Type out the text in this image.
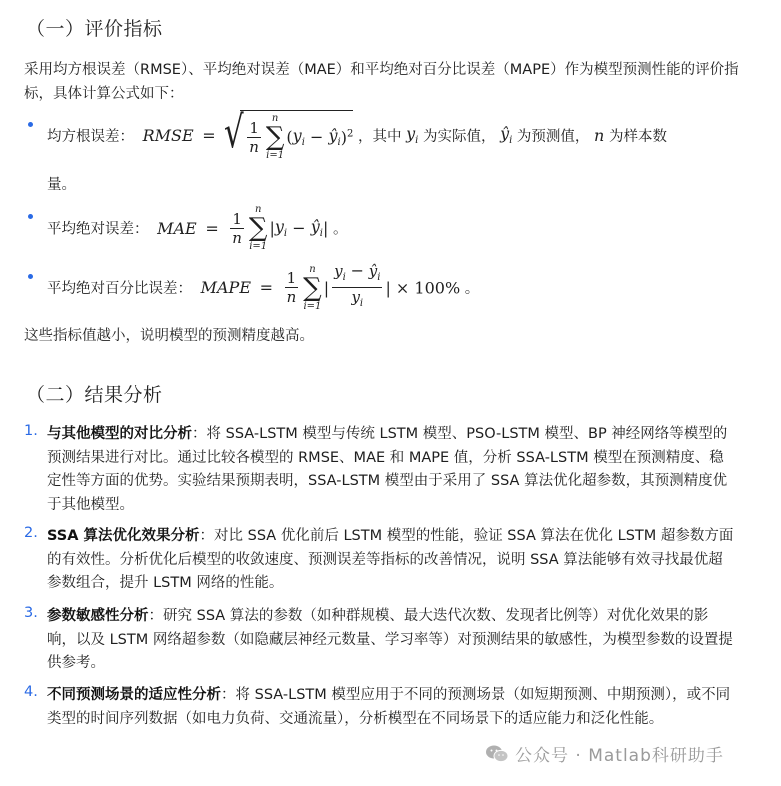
（一）评价指标
采用均方根误差（RMSE）、平均绝对误差（MAE）和平均绝对百分比误差（MAPE）作为模型预测性能的评价指标，具体计算公式如下：
均方根误差： RMSE = √ $\frac{1}{n}$	n
∑
i=1
($y_i$ − $ŷ_i)^2$ ，其中 $y_i$ 为实际值， $ŷ_i$ 为预测值， n 为样本数
量。
平均绝对误差： MAE = $\frac{1}{n}$	n
∑
i=1
$|y_i$ − $ŷ_i|$ 。
平均绝对百分比误差： MAPE = $\frac{1}{n}$	n
∑
i=1
| $\frac{y_i - ŷ_i}{y_i}$ | × 100% 。
这些指标值越小，说明模型的预测精度越高。
（二）结果分析
1. 与其他模型的对比分析：将 SSA-LSTM 模型与传统 LSTM 模型、PSO-LSTM 模型、BP 神经网络等模型的预测结果进行对比。通过比较各模型的 RMSE、MAE 和 MAPE 值，分析 SSA-LSTM 模型在预测精度、稳定性等方面的优势。实验结果预期表明，SSA-LSTM 模型由于采用了 SSA 算法优化超参数，其预测精度优于其他模型。
2. SSA 算法优化效果分析：对比 SSA 优化前后 LSTM 模型的性能，验证 SSA 算法在优化 LSTM 超参数方面的有效性。分析优化后模型的收敛速度、预测误差等指标的改善情况，说明 SSA 算法能够有效寻找最优超参数组合，提升 LSTM 网络的性能。
3. 参数敏感性分析：研究 SSA 算法的参数（如种群规模、最大迭代次数、发现者比例等）对优化效果的影响，以及 LSTM 网络超参数（如隐藏层神经元数量、学习率等）对预测结果的敏感性，为模型参数的设置提供参考。
4. 不同预测场景的适应性分析：将 SSA-LSTM 模型应用于不同的预测场景（如短期预测、中期预测），或不同类型的时间序列数据（如电力负荷、交通流量），分析模型在不同场景下的适应能力和泛化性能。
公众号 · Matlab科研助手
